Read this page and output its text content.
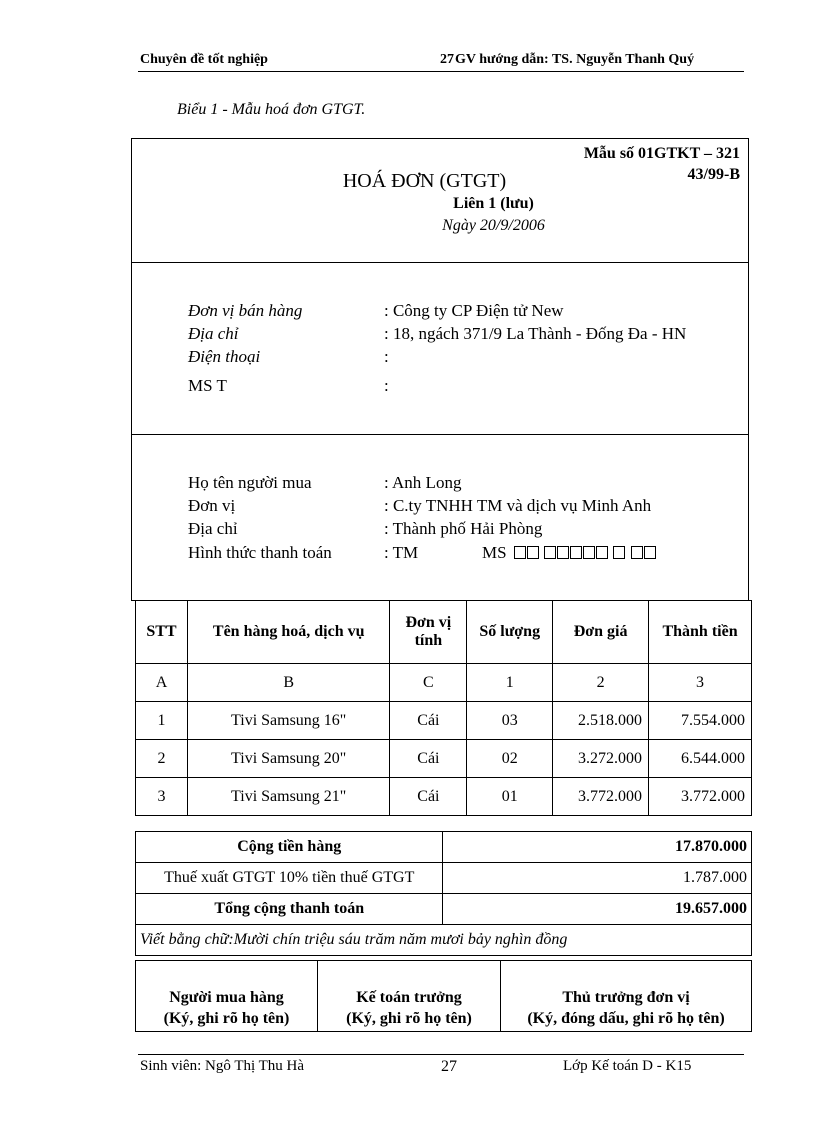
Chuyên đề tốt nghiệp	27 GV hướng dẫn: TS. Nguyễn Thanh Quý
Biểu 1 - Mẫu hoá đơn GTGT.
Mẫu số 01GTKT – 321
43/99-B
HOÁ ĐƠN (GTGT)
Liên 1 (lưu)
Ngày 20/9/2006
Đơn vị bán hàng	: Công ty CP Điện tử New
Địa chỉ	: 18, ngách 371/9 La Thành - Đống Đa - HN
Điện thoại	:
MS T	:
Họ tên người mua	: Anh Long
Đơn vị	: C.ty TNHH TM và dịch vụ Minh Anh
Địa chỉ	: Thành phố Hải Phòng
Hình thức thanh toán	: TM	MS
STT	Tên hàng hoá, dịch vụ	Đơn vị tính	Số lượng	Đơn giá	Thành tiền
A	B	C	1	2	3
1	Tivi Samsung 16"	Cái	03	2.518.000	7.554.000
2	Tivi Samsung 20"	Cái	02	3.272.000	6.544.000
3	Tivi Samsung 21"	Cái	01	3.772.000	3.772.000
Cộng tiền hàng	17.870.000
Thuế xuất GTGT 10% tiền thuế GTGT	1.787.000
Tổng cộng thanh toán	19.657.000
Viết bằng chữ:Mười chín triệu sáu trăm năm mươi bảy nghìn đồng	
Người mua hàng
(Ký, ghi rõ họ tên)
Kế toán trưởng
(Ký, ghi rõ họ tên)
Thủ trưởng đơn vị
(Ký, đóng dấu, ghi rõ họ tên)
Sinh viên: Ngô Thị Thu Hà	27	Lớp Kế toán D - K15
